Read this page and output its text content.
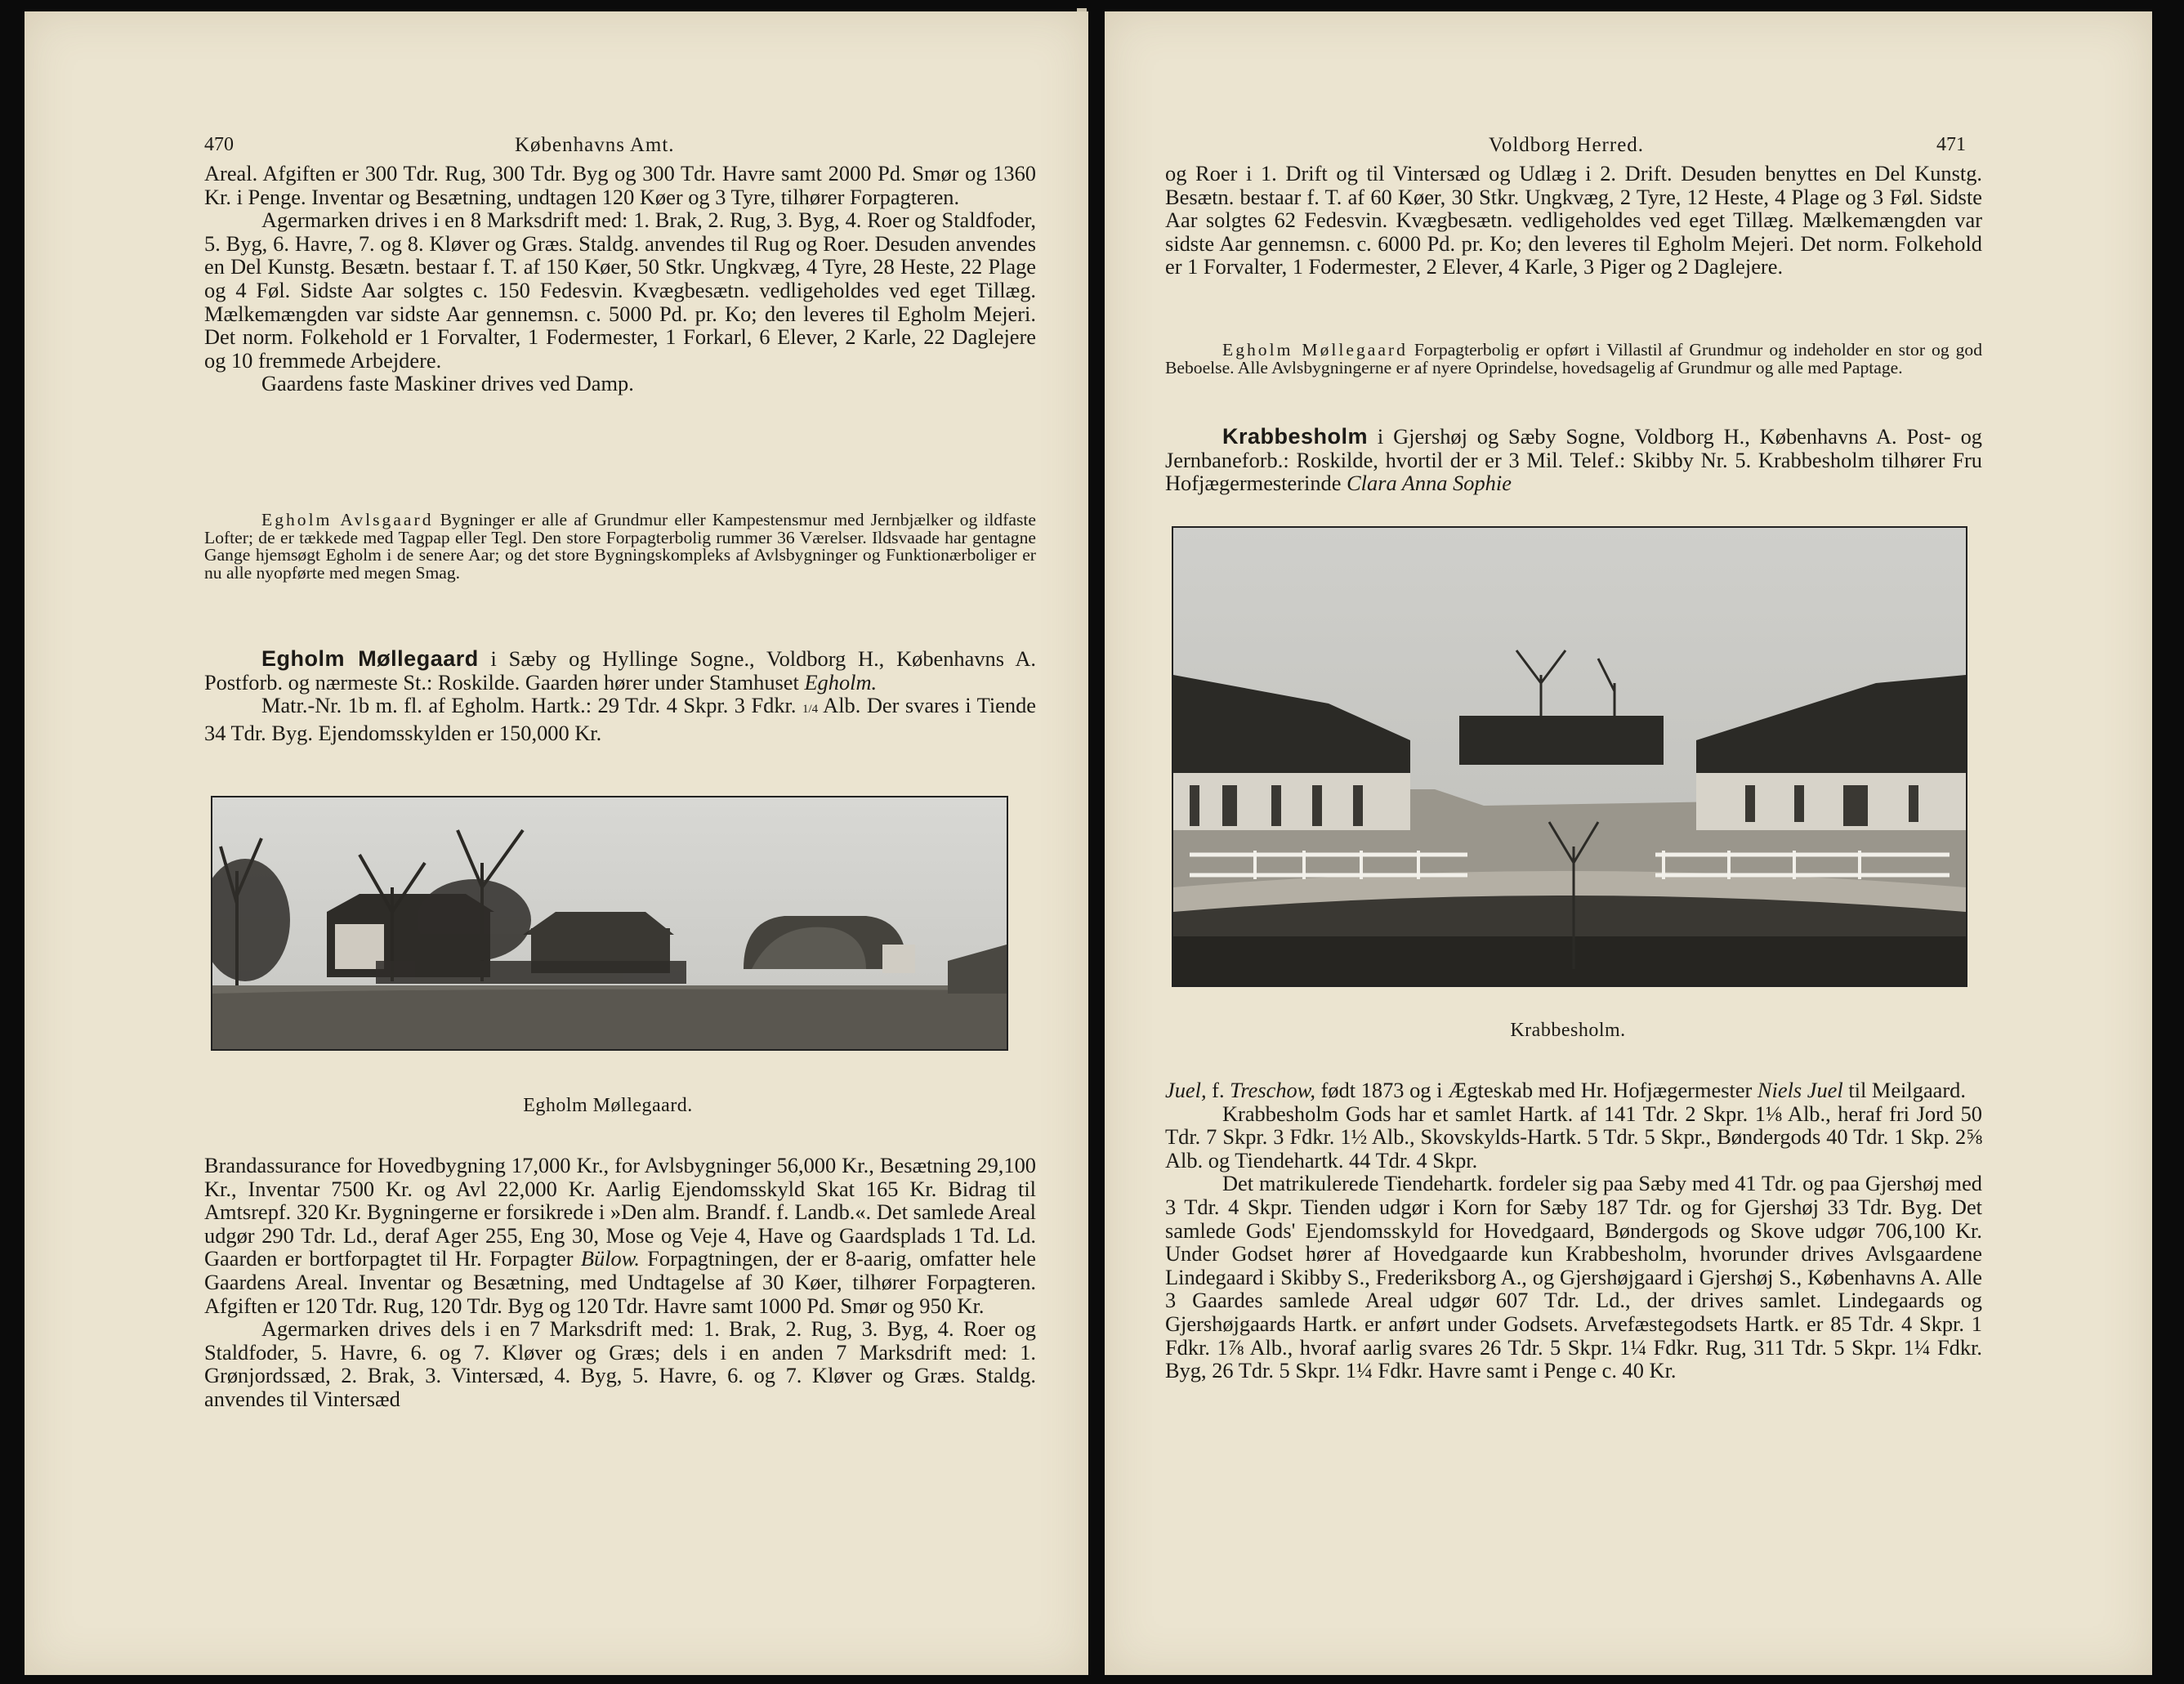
470	Københavns Amt.

Areal. Afgiften er 300 Tdr. Rug, 300 Tdr. Byg og 300 Tdr. Havre samt 2000 Pd. Smør og 1360 Kr. i Penge. Inventar og Besætning, undtagen 120 Køer og 3 Tyre, tilhører Forpagteren.

Agermarken drives i en 8 Marksdrift med: 1. Brak, 2. Rug, 3. Byg, 4. Roer og Staldfoder, 5. Byg, 6. Havre, 7. og 8. Kløver og Græs. Staldg. anvendes til Rug og Roer. Desuden anvendes en Del Kunstg. Besætn. bestaar f. T. af 150 Køer, 50 Stkr. Ungkvæg, 4 Tyre, 28 Heste, 22 Plage og 4 Føl. Sidste Aar solgtes c. 150 Fedesvin. Kvægbesætn. vedligeholdes ved eget Tillæg. Mælkemængden var sidste Aar gennemsn. c. 5000 Pd. pr. Ko; den leveres til Egholm Mejeri. Det norm. Folkehold er 1 Forvalter, 1 Fodermester, 1 Forkarl, 6 Elever, 2 Karle, 22 Daglejere og 10 fremmede Arbejdere.

Gaardens faste Maskiner drives ved Damp.

Egholm Avlsgaard Bygninger er alle af Grundmur eller Kampestensmur med Jernbjælker og ildfaste Lofter; de er tækkede med Tagpap eller Tegl. Den store Forpagterbolig rummer 36 Værelser. Ildsvaade har gentagne Gange hjemsøgt Egholm i de senere Aar; og det store Bygningskompleks af Avlsbygninger og Funktionærboliger er nu alle nyopførte med megen Smag.

Egholm Møllegaard i Sæby og Hyllinge Sogne., Voldborg H., Københavns A. Postforb. og nærmeste St.: Roskilde. Gaarden hører under Stamhuset Egholm.

Matr.-Nr. 1b m. fl. af Egholm. Hartk.: 29 Tdr. 4 Skpr. 3 Fdkr. 1/4 Alb. Der svares i Tiende 34 Tdr. Byg. Ejendomsskylden er 150,000 Kr.

Egholm Møllegaard.

Brandassurance for Hovedbygning 17,000 Kr., for Avlsbygninger 56,000 Kr., Besætning 29,100 Kr., Inventar 7500 Kr. og Avl 22,000 Kr. Aarlig Ejendomsskyld Skat 165 Kr. Bidrag til Amtsrepf. 320 Kr. Bygningerne er forsikrede i »Den alm. Brandf. f. Landb.«. Det samlede Areal udgør 290 Tdr. Ld., deraf Ager 255, Eng 30, Mose og Veje 4, Have og Gaardsplads 1 Td. Ld. Gaarden er bortforpagtet til Hr. Forpagter Bülow. Forpagtningen, der er 8-aarig, omfatter hele Gaardens Areal. Inventar og Besætning, med Undtagelse af 30 Køer, tilhører Forpagteren. Afgiften er 120 Tdr. Rug, 120 Tdr. Byg og 120 Tdr. Havre samt 1000 Pd. Smør og 950 Kr.

Agermarken drives dels i en 7 Marksdrift med: 1. Brak, 2. Rug, 3. Byg, 4. Roer og Staldfoder, 5. Havre, 6. og 7. Kløver og Græs; dels i en anden 7 Marksdrift med: 1. Grønjordssæd, 2. Brak, 3. Vintersæd, 4. Byg, 5. Havre, 6. og 7. Kløver og Græs. Staldg. anvendes til Vintersæd

Voldborg Herred.	471

og Roer i 1. Drift og til Vintersæd og Udlæg i 2. Drift. Desuden benyttes en Del Kunstg. Besætn. bestaar f. T. af 60 Køer, 30 Stkr. Ungkvæg, 2 Tyre, 12 Heste, 4 Plage og 3 Føl. Sidste Aar solgtes 62 Fedesvin. Kvægbesætn. vedligeholdes ved eget Tillæg. Mælkemængden var sidste Aar gennemsn. c. 6000 Pd. pr. Ko; den leveres til Egholm Mejeri. Det norm. Folkehold er 1 Forvalter, 1 Fodermester, 2 Elever, 4 Karle, 3 Piger og 2 Daglejere.

Egholm Møllegaard Forpagterbolig er opført i Villastil af Grundmur og indeholder en stor og god Beboelse. Alle Avlsbygningerne er af nyere Oprindelse, hovedsagelig af Grundmur og alle med Paptage.

Krabbesholm i Gjershøj og Sæby Sogne, Voldborg H., Københavns A. Post- og Jernbaneforb.: Roskilde, hvortil der er 3 Mil. Telef.: Skibby Nr. 5. Krabbesholm tilhører Fru Hofjægermesterinde Clara Anna Sophie

Krabbesholm.

Juel, f. Treschow, født 1873 og i Ægteskab med Hr. Hofjægermester Niels Juel til Meilgaard.

Krabbesholm Gods har et samlet Hartk. af 141 Tdr. 2 Skpr. 1⅛ Alb., heraf fri Jord 50 Tdr. 7 Skpr. 3 Fdkr. 1½ Alb., Skovskylds-Hartk. 5 Tdr. 5 Skpr., Bøndergods 40 Tdr. 1 Skp. 2⅝ Alb. og Tiendehartk. 44 Tdr. 4 Skpr.

Det matrikulerede Tiendehartk. fordeler sig paa Sæby med 41 Tdr. og paa Gjershøj med 3 Tdr. 4 Skpr. Tienden udgør i Korn for Sæby 187 Tdr. og for Gjershøj 33 Tdr. Byg. Det samlede Gods' Ejendomsskyld for Hovedgaard, Bøndergods og Skove udgør 706,100 Kr. Under Godset hører af Hovedgaarde kun Krabbesholm, hvorunder drives Avlsgaardene Lindegaard i Skibby S., Frederiksborg A., og Gjershøjgaard i Gjershøj S., Københavns A. Alle 3 Gaardes samlede Areal udgør 607 Tdr. Ld., der drives samlet. Lindegaards og Gjershøjgaards Hartk. er anført under Godsets. Arvefæstegodsets Hartk. er 85 Tdr. 4 Skpr. 1 Fdkr. 1⅞ Alb., hvoraf aarlig svares 26 Tdr. 5 Skpr. 1¼ Fdkr. Rug, 311 Tdr. 5 Skpr. 1¼ Fdkr. Byg, 26 Tdr. 5 Skpr. 1¼ Fdkr. Havre samt i Penge c. 40 Kr.
